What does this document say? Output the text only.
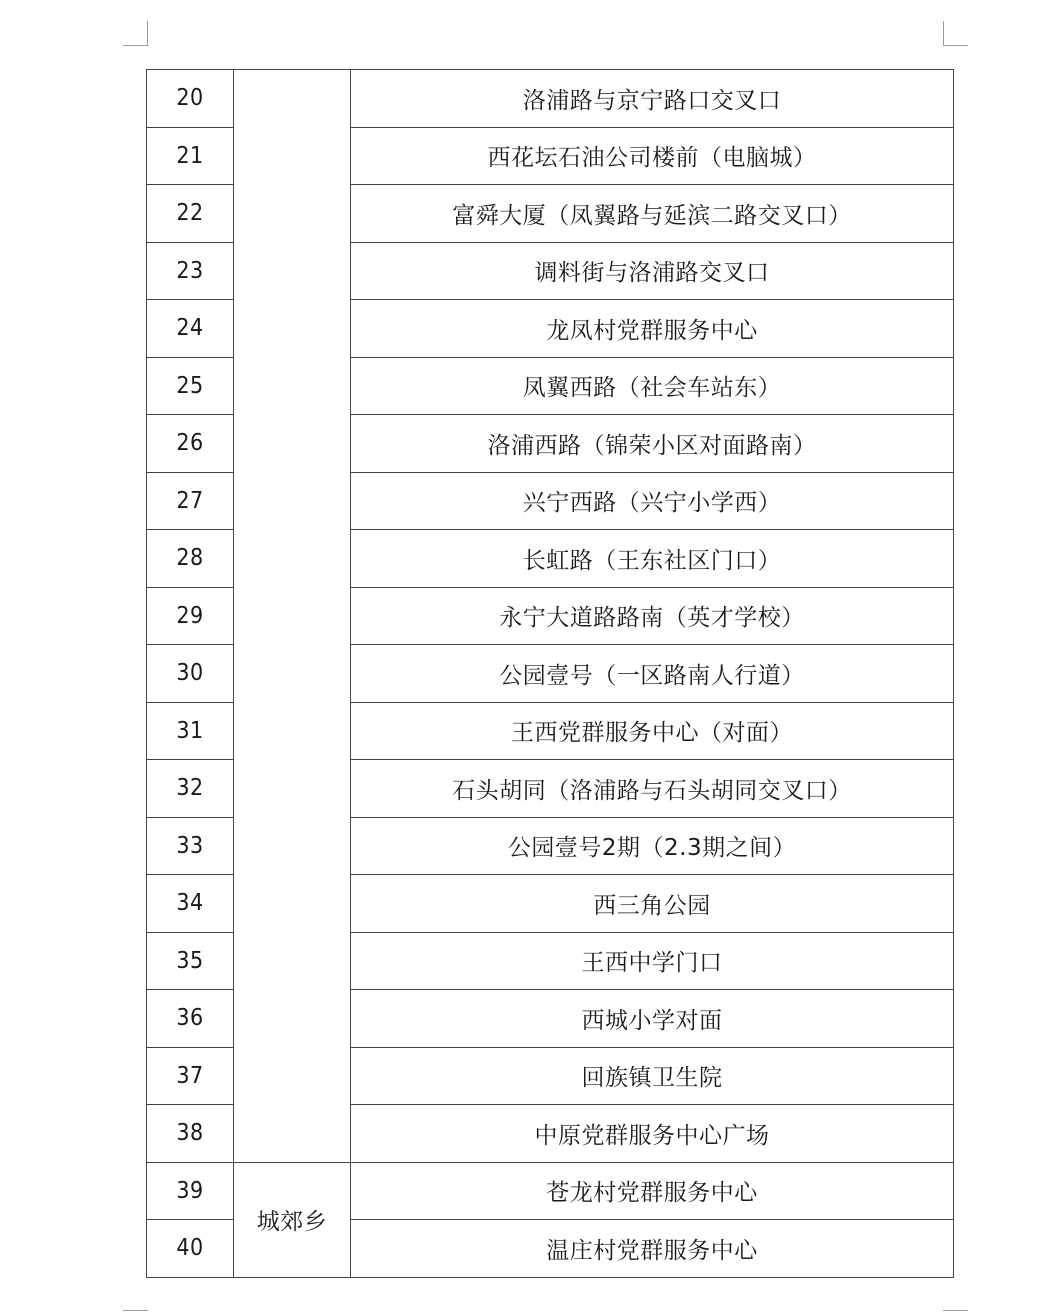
20		洛浦路与京宁路口交叉口
21		西花坛石油公司楼前（电脑城）
22		富舜大厦（凤翼路与延滨二路交叉口）
23		调料街与洛浦路交叉口
24		龙凤村党群服务中心
25		凤翼西路（社会车站东）
26		洛浦西路（锦荣小区对面路南）
27		兴宁西路（兴宁小学西）
28		长虹路（王东社区门口）
29		永宁大道路路南（英才学校）
30		公园壹号（一区路南人行道）
31		王西党群服务中心（对面）
32		石头胡同（洛浦路与石头胡同交叉口）
33		公园壹号2期（2.3期之间）
34		西三角公园
35		王西中学门口
36		西城小学对面
37		回族镇卫生院
38		中原党群服务中心广场
39	城郊乡	苍龙村党群服务中心
40		温庄村党群服务中心
